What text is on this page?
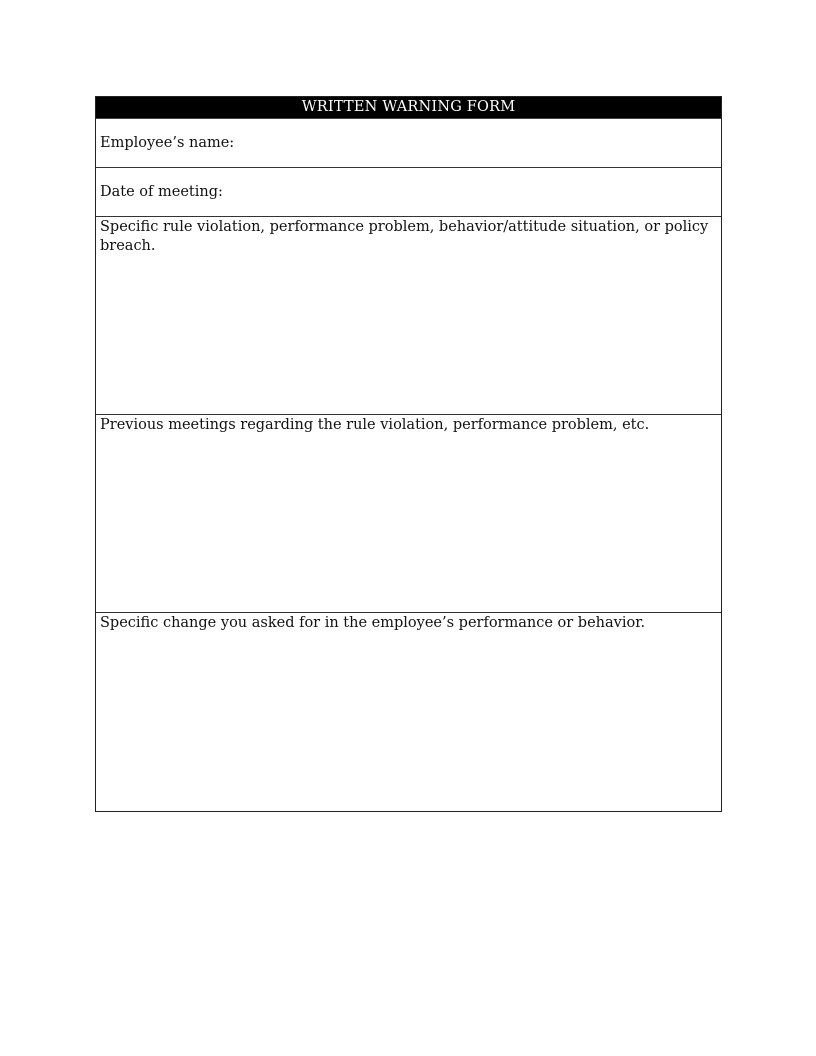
WRITTEN WARNING FORM
Employee’s name:
Date of meeting:
Specific rule violation, performance problem, behavior/attitude situation, or policy breach.
Previous meetings regarding the rule violation, performance problem, etc.
Specific change you asked for in the employee’s performance or behavior.
